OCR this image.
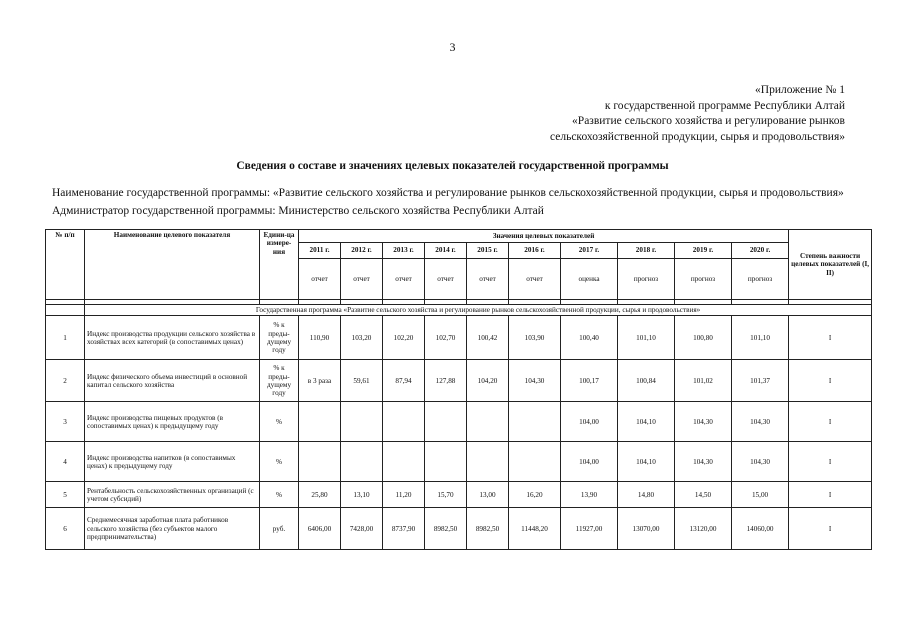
3
«Приложение № 1
к государственной программе Республики Алтай
«Развитие сельского хозяйства и регулирование рынков
сельскохозяйственной продукции, сырья и продовольствия»
Сведения о составе и значениях целевых показателей государственной программы
Наименование государственной программы: «Развитие сельского хозяйства и регулирование рынков сельскохозяйственной продукции, сырья и продовольствия»
Администратор государственной программы: Министерство сельского хозяйства Республики Алтай
№ п/п	Наименование целевого показателя	Едини-ца измере-ния	Значения целевых показателей										Степень важности целевых показателей (I, II)
			2011 г.	2012 г.	2013 г.	2014 г.	2015 г.	2016 г.	2017 г.	2018 г.	2019 г.	2020 г.	
			отчет	отчет	отчет	отчет	отчет	отчет	оценка	прогноз	прогноз	прогноз	

	Государственная программа «Развитие сельского хозяйства и регулирование рынков сельскохозяйственной продукции, сырья и продовольствия»												
1	Индекс производства продукции сельского хозяйства в хозяйствах всех категорий (в сопоставимых ценах)	% к преды-дущему году	110,90	103,20	102,20	102,70	100,42	103,90	100,40	101,10	100,80	101,10	I
2	Индекс физического объема инвестиций в основной капитал сельского хозяйства	% к преды-дущему году	в 3 раза	59,61	87,94	127,88	104,20	104,30	100,17	100,84	101,02	101,37	I
3	Индекс производства пищевых продуктов (в сопоставимых ценах) к предыдущему году	%							104,00	104,10	104,30	104,30	I
4	Индекс производства напитков (в сопоставимых ценах) к предыдущему году	%							104,00	104,10	104,30	104,30	I
5	Рентабельность сельскохозяйственных организаций (с учетом субсидий)	%	25,80	13,10	11,20	15,70	13,00	16,20	13,90	14,80	14,50	15,00	I
6	Среднемесячная заработная плата работников сельского хозяйства (без субъектов малого предпринимательства)	руб.	6406,00	7428,00	8737,90	8982,50	8982,50	11448,20	11927,00	13070,00	13120,00	14060,00	I
